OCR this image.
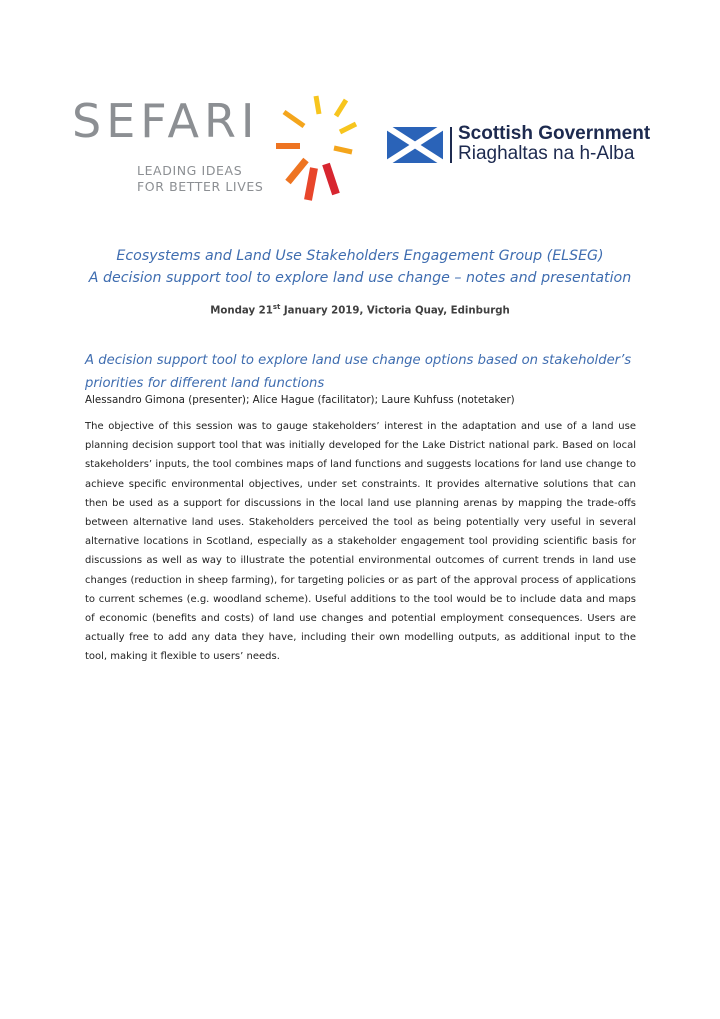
SEFARI
LEADING IDEAS
FOR BETTER LIVES
Scottish Government
Riaghaltas na h-Alba
Ecosystems and Land Use Stakeholders Engagement Group (ELSEG)
A decision support tool to explore land use change – notes and presentation
Monday 21st January 2019, Victoria Quay, Edinburgh
A decision support tool to explore land use change options based on stakeholder’s priorities for different land functions
Alessandro Gimona (presenter); Alice Hague (facilitator); Laure Kuhfuss (notetaker)

The objective of this session was to gauge stakeholders’ interest in the adaptation and use of a land use planning decision support tool that was initially developed for the Lake District national park. Based on local stakeholders’ inputs, the tool combines maps of land functions and suggests locations for land use change to achieve specific environmental objectives, under set constraints. It provides alternative solutions that can then be used as a support for discussions in the local land use planning arenas by mapping the trade-offs between alternative land uses. Stakeholders perceived the tool as being potentially very useful in several alternative locations in Scotland, especially as a stakeholder engagement tool providing scientific basis for discussions as well as way to illustrate the potential environmental outcomes of current trends in land use changes (reduction in sheep farming), for targeting policies or as part of the approval process of applications to current schemes (e.g. woodland scheme). Useful additions to the tool would be to include data and maps of economic (benefits and costs) of land use changes and potential employment consequences. Users are actually free to add any data they have, including their own modelling outputs, as additional input to the tool, making it flexible to users’ needs.
